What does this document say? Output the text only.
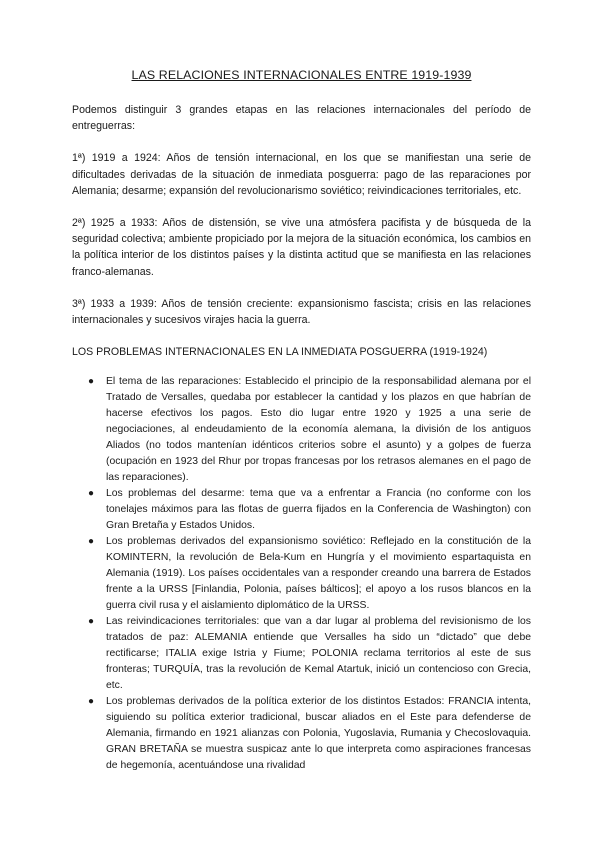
LAS RELACIONES INTERNACIONALES ENTRE 1919-1939
Podemos distinguir 3 grandes etapas en las relaciones internacionales del período de entreguerras:
1ª) 1919 a 1924: Años de tensión internacional, en los que se manifiestan una serie de dificultades derivadas de la situación de inmediata posguerra: pago de las reparaciones por Alemania; desarme; expansión del revolucionarismo soviético; reivindicaciones territoriales, etc.
2ª) 1925 a 1933: Años de distensión, se vive una atmósfera pacifista y de búsqueda de la seguridad colectiva; ambiente propiciado por la mejora de la situación económica, los cambios en la política interior de los distintos países y la distinta actitud que se manifiesta en las relaciones franco-alemanas.
3ª) 1933 a 1939: Años de tensión creciente: expansionismo fascista; crisis en las relaciones internacionales y sucesivos virajes hacia la guerra.
LOS PROBLEMAS INTERNACIONALES EN LA INMEDIATA POSGUERRA (1919-1924)
● El tema de las reparaciones: Establecido el principio de la responsabilidad alemana por el Tratado de Versalles, quedaba por establecer la cantidad y los plazos en que habrían de hacerse efectivos los pagos. Esto dio lugar entre 1920 y 1925 a una serie de negociaciones, al endeudamiento de la economía alemana, la división de los antiguos Aliados (no todos mantenían idénticos criterios sobre el asunto) y a golpes de fuerza (ocupación en 1923 del Rhur por tropas francesas por los retrasos alemanes en el pago de las reparaciones).
● Los problemas del desarme: tema que va a enfrentar a Francia (no conforme con los tonelajes máximos para las flotas de guerra fijados en la Conferencia de Washington) con Gran Bretaña y Estados Unidos.
● Los problemas derivados del expansionismo soviético: Reflejado en la constitución de la KOMINTERN, la revolución de Bela-Kum en Hungría y el movimiento espartaquista en Alemania (1919). Los países occidentales van a responder creando una barrera de Estados frente a la URSS [Finlandia, Polonia, países bálticos]; el apoyo a los rusos blancos en la guerra civil rusa y el aislamiento diplomático de la URSS.
● Las reivindicaciones territoriales: que van a dar lugar al problema del revisionismo de los tratados de paz: ALEMANIA entiende que Versalles ha sido un “dictado” que debe rectificarse; ITALIA exige Istria y Fiume; POLONIA reclama territorios al este de sus fronteras; TURQUÍA, tras la revolución de Kemal Atartuk, inició un contencioso con Grecia, etc.
● Los problemas derivados de la política exterior de los distintos Estados: FRANCIA intenta, siguiendo su política exterior tradicional, buscar aliados en el Este para defenderse de Alemania, firmando en 1921 alianzas con Polonia, Yugoslavia, Rumania y Checoslovaquia. GRAN BRETAÑA se muestra suspicaz ante lo que interpreta como aspiraciones francesas de hegemonía, acentuándose una rivalidad
